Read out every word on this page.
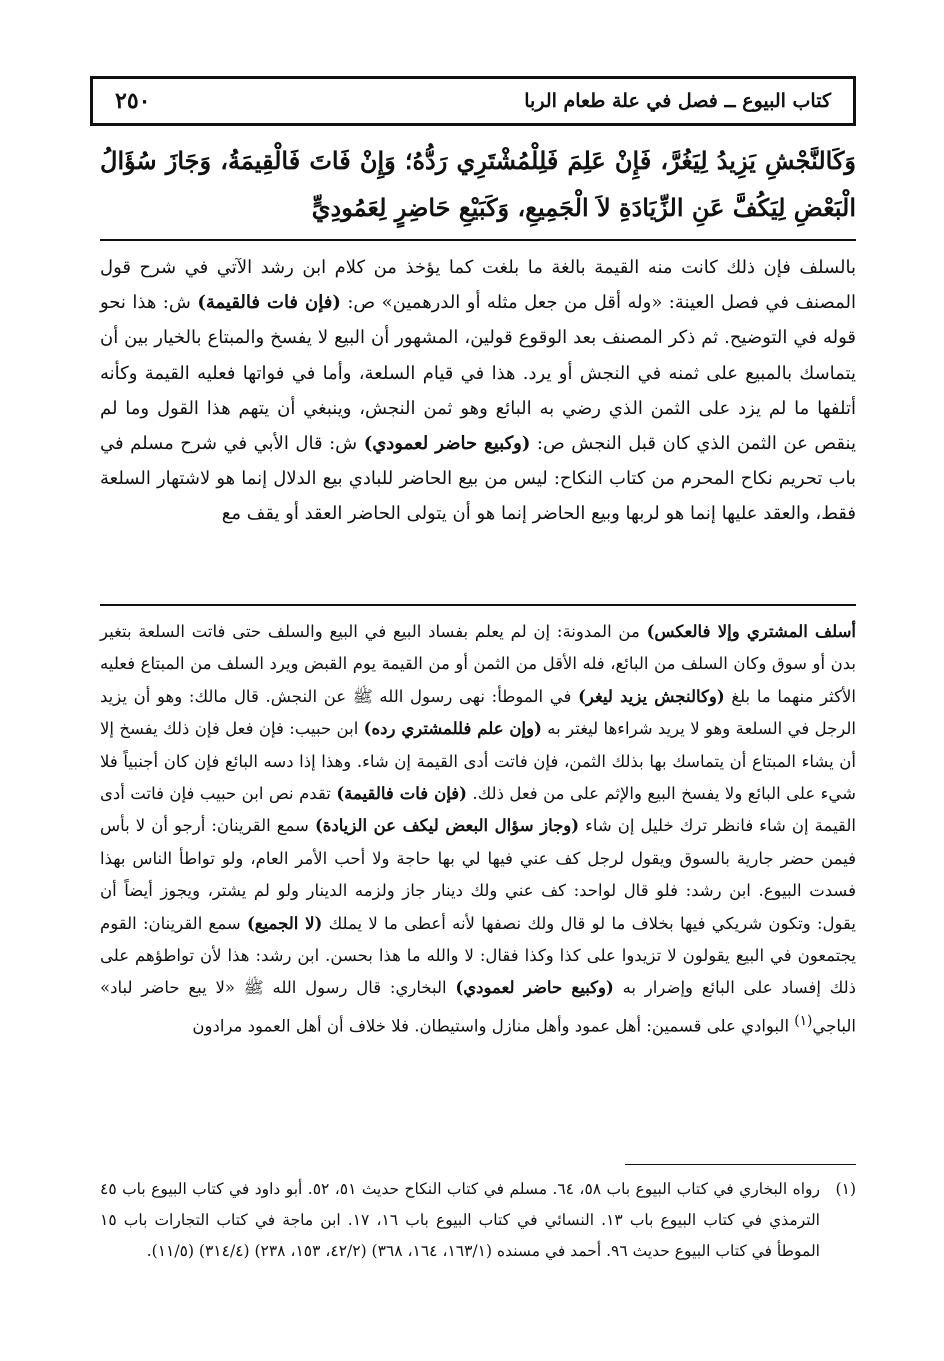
كتاب البيوع ــ فصل في علة طعام الربا
٢٥٠
وَكَالنَّجْشِ يَزِيدُ لِيَغُرَّ، فَإِنْ عَلِمَ فَلِلْمُشْتَرِي رَدُّهُ؛ وَإِنْ فَاتَ فَالْقِيمَةُ، وَجَازَ سُؤَالُ الْبَعْضِ لِيَكُفَّ عَنِ الزِّيَادَةِ لاَ الْجَمِيعِ، وَكَبَيْعِ حَاضِرٍ لِعَمُودِيٍّ
بالسلف فإن ذلك كانت منه القيمة بالغة ما بلغت كما يؤخذ من كلام ابن رشد الآتي في شرح قول المصنف في فصل العينة: «وله أقل من جعل مثله أو الدرهمين» ص: (فإن فات فالقيمة) ش: هذا نحو قوله في التوضيح. ثم ذكر المصنف بعد الوقوع قولين، المشهور أن البيع لا يفسخ والمبتاع بالخيار بين أن يتماسك بالمبيع على ثمنه في النجش أو يرد. هذا في قيام السلعة، وأما في فواتها فعليه القيمة وكأنه أتلفها ما لم يزد على الثمن الذي رضي به البائع وهو ثمن النجش، وينبغي أن يتهم هذا القول وما لم ينقص عن الثمن الذي كان قبل النجش ص: (وكبيع حاضر لعمودي) ش: قال الأبي في شرح مسلم في باب تحريم نكاح المحرم من كتاب النكاح: ليس من بيع الحاضر للبادي بيع الدلال إنما هو لاشتهار السلعة فقط، والعقد عليها إنما هو لربها وبيع الحاضر إنما هو أن يتولى الحاضر العقد أو يقف مع
أسلف المشتري وإلا فالعكس) من المدونة: إن لم يعلم بفساد البيع في البيع والسلف حتى فاتت السلعة بتغير بدن أو سوق وكان السلف من البائع، فله الأقل من الثمن أو من القيمة يوم القبض ويرد السلف من المبتاع فعليه الأكثر منهما ما بلغ (وكالنجش يزيد ليغر) في الموطأ: نهى رسول الله ﷺ عن النجش. قال مالك: وهو أن يزيد الرجل في السلعة وهو لا يريد شراءها ليغتر به (وإن علم فللمشتري رده) ابن حبيب: فإن فعل فإن ذلك يفسخ إلا أن يشاء المبتاع أن يتماسك بها بذلك الثمن، فإن فاتت أدى القيمة إن شاء. وهذا إذا دسه البائع فإن كان أجنبياً فلا شيء على البائع ولا يفسخ البيع والإثم على من فعل ذلك. (فإن فات فالقيمة) تقدم نص ابن حبيب فإن فاتت أدى القيمة إن شاء فانظر ترك خليل إن شاء (وجاز سؤال البعض ليكف عن الزيادة) سمع القرينان: أرجو أن لا بأس فيمن حضر جارية بالسوق ويقول لرجل كف عني فيها لي بها حاجة ولا أحب الأمر العام، ولو تواطأ الناس بهذا فسدت البيوع. ابن رشد: فلو قال لواحد: كف عني ولك دينار جاز ولزمه الدينار ولو لم يشتر، ويجوز أيضاً أن يقول: وتكون شريكي فيها بخلاف ما لو قال ولك نصفها لأنه أعطى ما لا يملك (لا الجميع) سمع القرينان: القوم يجتمعون في البيع يقولون لا تزيدوا على كذا وكذا فقال: لا والله ما هذا بحسن. ابن رشد: هذا لأن تواطؤهم على ذلك إفساد على البائع وإضرار به (وكبيع حاضر لعمودي) البخاري: قال رسول الله ﷺ «لا يبع حاضر لباد» الباجي$^{(١)}$ البوادي على قسمين: أهل عمود وأهل منازل واستيطان. فلا خلاف أن أهل العمود مرادون
(١)
رواه البخاري في كتاب البيوع باب ٥٨، ٦٤. مسلم في كتاب النكاح حديث ٥١، ٥٢. أبو داود في كتاب البيوع باب ٤٥ الترمذي في كتاب البيوع باب ١٣. النسائي في كتاب البيوع باب ١٦، ١٧. ابن ماجة في كتاب التجارات باب ١٥ الموطأ في كتاب البيوع حديث ٩٦. أحمد في مسنده (١٦٣/١، ١٦٤، ٣٦٨) (٤٢/٢، ١٥٣، ٢٣٨) (٣١٤/٤) (١١/٥).
